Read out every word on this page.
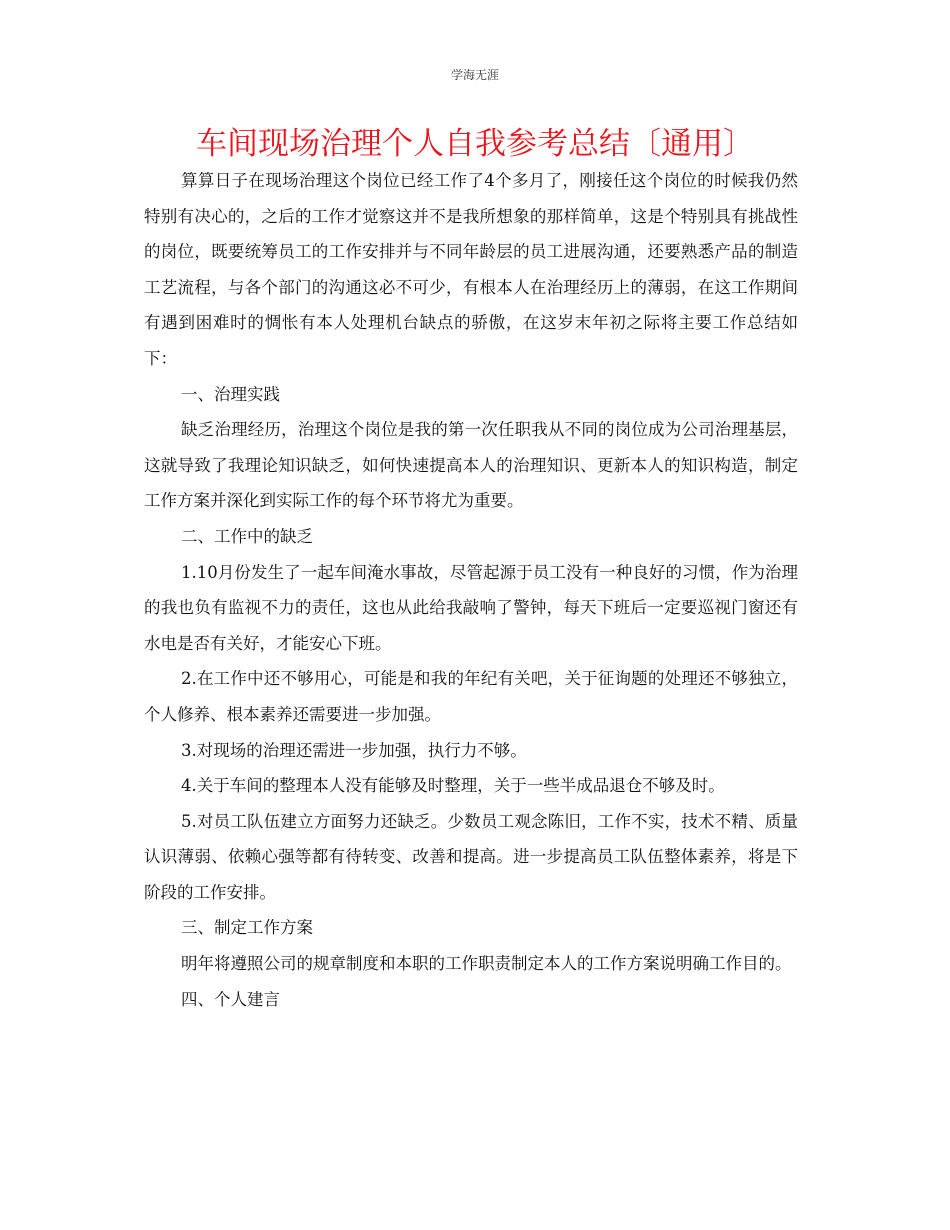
学海无涯
车间现场治理个人自我参考总结〔通用〕

算算日子在现场治理这个岗位已经工作了4个多月了，刚接任这个岗位的时候我仍然特别有决心的，之后的工作才觉察这并不是我所想象的那样简单，这是个特别具有挑战性的岗位，既要统筹员工的工作安排并与不同年龄层的员工进展沟通，还要熟悉产品的制造工艺流程，与各个部门的沟通这必不可少，有根本人在治理经历上的薄弱，在这工作期间有遇到困难时的惆怅有本人处理机台缺点的骄傲，在这岁末年初之际将主要工作总结如下：

一、治理实践

缺乏治理经历，治理这个岗位是我的第一次任职我从不同的岗位成为公司治理基层，这就导致了我理论知识缺乏，如何快速提高本人的治理知识、更新本人的知识构造，制定工作方案并深化到实际工作的每个环节将尤为重要。

二、工作中的缺乏

1.10月份发生了一起车间淹水事故，尽管起源于员工没有一种良好的习惯，作为治理的我也负有监视不力的责任，这也从此给我敲响了警钟，每天下班后一定要巡视门窗还有水电是否有关好，才能安心下班。

2.在工作中还不够用心，可能是和我的年纪有关吧，关于征询题的处理还不够独立，个人修养、根本素养还需要进一步加强。

3.对现场的治理还需进一步加强，执行力不够。

4.关于车间的整理本人没有能够及时整理，关于一些半成品退仓不够及时。

5.对员工队伍建立方面努力还缺乏。少数员工观念陈旧，工作不实，技术不精、质量认识薄弱、依赖心强等都有待转变、改善和提高。进一步提高员工队伍整体素养，将是下阶段的工作安排。

三、制定工作方案

明年将遵照公司的规章制度和本职的工作职责制定本人的工作方案说明确工作目的。

四、个人建言
